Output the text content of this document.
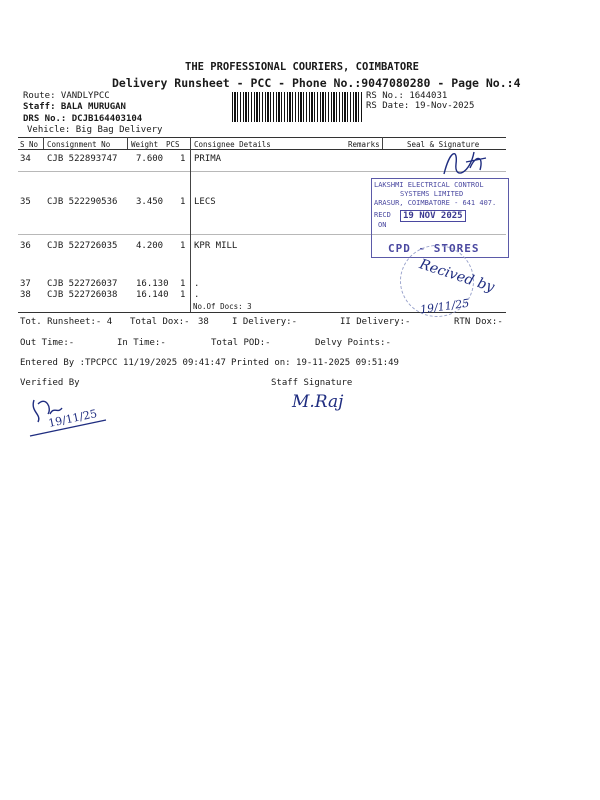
THE PROFESSIONAL COURIERS, COIMBATORE
Delivery Runsheet - PCC - Phone No.:9047080280 - Page No.:4
Route: VANDLYPCC
Staff: BALA MURUGAN
DRS No.: DCJB164403104
Vehicle: Big Bag Delivery
RS No.: 1644031
RS Date: 19-Nov-2025
S No Consignment No	Weight PCS Consignee Details	Remarks	Seal & Signature
34 CJB 522893747 7.600 1 PRIMA
35 CJB 522290536 3.450 1 LECS
36 CJB 522726035 4.200 1 KPR MILL
37 CJB 522726037 16.130 1 .
38 CJB 522726038 16.140 1 .
No.Of Docs: 3
Tot. Runsheet:- 4 Total Dox:- 38	I Delivery:-	II Delivery:-	RTN Dox:-
Out Time:-	In Time:-	Total POD:-	Delvy Points:-
Entered By :TPCPCC 11/19/2025 09:41:47 Printed on: 19-11-2025 09:51:49
Verified By	Staff Signature
LAKSHMI ELECTRICAL CONTROL
SYSTEMS LIMITED
ARASUR, COIMBATORE - 641 407.
RECD
ON
19 NOV 2025
CPD - STORES
Recived by
19/11/25
19/11/25
M.Raj
